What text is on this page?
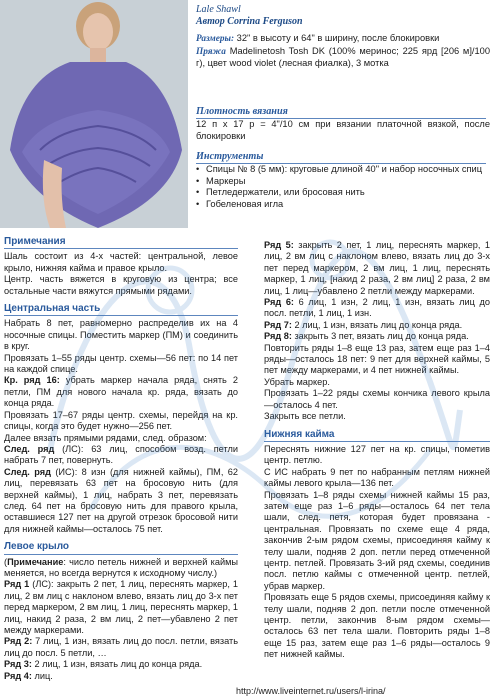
Lale Shawl
Автор Corrina Ferguson
Размеры: 32" в высоту и 64" в ширину, после блокировки
Пряжа Madelinetosh Tosh DK (100% меринос; 225 ярд [206 м]/100 г), цвет wood violet (лесная фиалка), 3 мотка
Плотность вязания
12 п x 17 р = 4"/10 см при вязании платочной вязкой, после блокировки
Инструменты
• Спицы № 8 (5 мм): круговые длиной 40" и набор носочных спиц
• Маркеры
• Петледержатели, или бросовая нить
• Гобеленовая игла
Примечания
Шаль состоит из 4-х частей: центральной, левое крыло, нижняя кайма и правое крыло.
Центр. часть вяжется в круговую из центра; все остальные части вяжутся прямыми рядами.
Центральная часть
Набрать 8 пет, равномерно распределив их на 4 носочные спицы. Поместить маркер (ПМ) и соединить в круг.
Провязать 1–55 ряды центр. схемы—56 пет: по 14 пет на каждой спице.
Кр. ряд 16: убрать маркер начала ряда, снять 2 петли, ПМ для нового начала кр. ряда, вязать до конца ряда.
Провязать 17–67 ряды центр. схемы, перейдя на кр. спицы, когда это будет нужно—256 пет.
Далее вязать прямыми рядами, след. образом:
След. ряд (ЛС): 63 лиц, способом возд. петли набрать 7 пет, повернуть.
След. ряд (ИС): 8 изн (для нижней каймы), ПМ, 62 лиц, перевязать 63 пет на бросовую нить (для верхней каймы), 1 лиц, набрать 3 пет, перевязать след. 64 пет на бросовую нить для правого крыла, оставшиеся 127 пет на другой отрезок бросовой нити для нижней каймы—осталось 75 пет.
Левое крыло
(Примечание: число петель нижней и верхней каймы меняется, но всегда вернутся к исходному числу.)
Ряд 1 (ЛС): закрыть 2 пет, 1 лиц, переснять маркер, 1 лиц, 2 вм лиц с наклоном влево, вязать лиц до 3-х пет перед маркером, 2 вм лиц, 1 лиц, переснять маркер, 1 лиц, накид 2 раза, 2 вм лиц, 2 пет—убавлено 2 пет между маркерами.
Ряд 2: 7 лиц, 1 изн, вязать лиц до посл. петли, вязать лиц до посл. 5 петли, …
Ряд 3: 2 лиц, 1 изн, вязать лиц до конца ряда.
Ряд 4: лиц.
Ряд 5: закрыть 2 пет, 1 лиц, переснять маркер, 1 лиц, 2 вм лиц с наклоном влево, вязать лиц до 3-х пет перед маркером, 2 вм лиц, 1 лиц, переснять маркер, 1 лиц, [накид 2 раза, 2 вм лиц] 2 раза, 2 вм лиц, 1 лиц—убавлено 2 петли между маркерами.
Ряд 6: 6 лиц, 1 изн, 2 лиц, 1 изн, вязать лиц до посл. петли, 1 лиц, 1 изн.
Ряд 7: 2 лиц, 1 изн, вязать лиц до конца ряда.
Ряд 8: закрыть 3 пет, вязать лиц до конца ряда.
Повторить ряды 1–8 еще 13 раз, затем еще раз 1–4 ряды—осталось 18 пет: 9 пет для верхней каймы, 5 пет между маркерами, и 4 пет нижней каймы.
Убрать маркер.
Провязать 1–22 ряды схемы кончика левого крыла—осталось 4 пет.
Закрыть все петли.
Нижняя кайма
Переснять нижние 127 пет на кр. спицы, пометив центр. петлю.
С ИС набрать 9 пет по набранным петлям нижней каймы левого крыла—136 пет.
Провязать 1–8 ряды схемы нижней каймы 15 раз, затем еще раз 1–6 ряды—осталось 64 пет тела шали, след. петя, которая будет провязана - центральная. Провязать по схеме еще 4 ряда, закончив 2-ым рядом схемы, присоединяя кайму к телу шали, подняв 2 доп. петли перед отмеченной центр. петлей. Провязать 3-ий ряд схемы, соединив посл. петлю каймы с отмеченной центр. петлей, убрав маркер.
Провязать еще 5 рядов схемы, присоединяя кайму к телу шали, подняв 2 доп. петли после отмеченной центр. петли, закончив 8-ым рядом схемы—осталось 63 пет тела шали. Повторить ряды 1–8 еще 15 раз, затем еще раз 1–6 ряды—осталось 9 пет нижней каймы.
http://www.liveinternet.ru/users/l-irina/
